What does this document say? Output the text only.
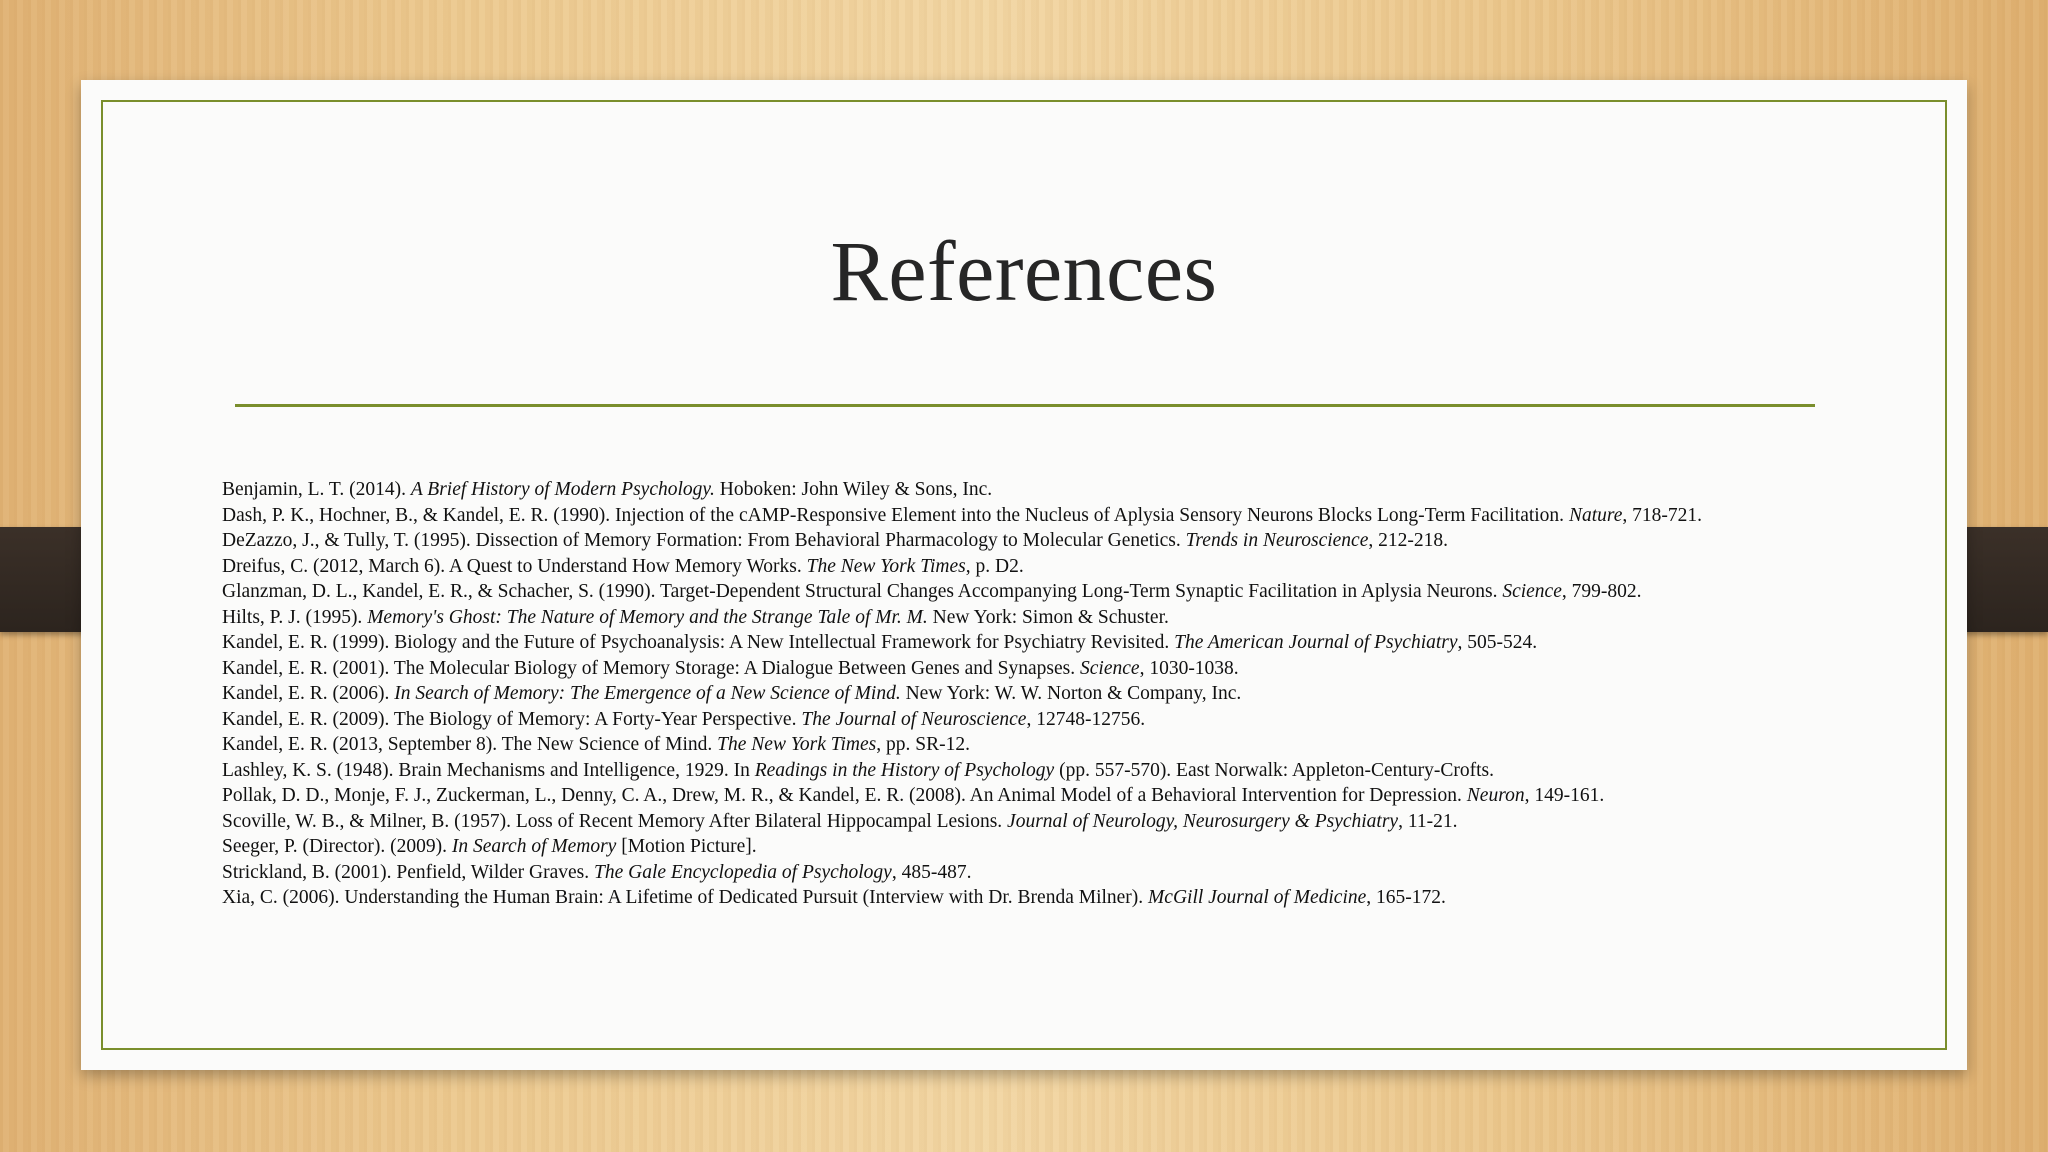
References
Benjamin, L. T. (2014). A Brief History of Modern Psychology. Hoboken: John Wiley & Sons, Inc.
Dash, P. K., Hochner, B., & Kandel, E. R. (1990). Injection of the cAMP-Responsive Element into the Nucleus of Aplysia Sensory Neurons Blocks Long-Term Facilitation. Nature, 718-721.
DeZazzo, J., & Tully, T. (1995). Dissection of Memory Formation: From Behavioral Pharmacology to Molecular Genetics. Trends in Neuroscience, 212-218.
Dreifus, C. (2012, March 6). A Quest to Understand How Memory Works. The New York Times, p. D2.
Glanzman, D. L., Kandel, E. R., & Schacher, S. (1990). Target-Dependent Structural Changes Accompanying Long-Term Synaptic Facilitation in Aplysia Neurons. Science, 799-802.
Hilts, P. J. (1995). Memory's Ghost: The Nature of Memory and the Strange Tale of Mr. M. New York: Simon & Schuster.
Kandel, E. R. (1999). Biology and the Future of Psychoanalysis: A New Intellectual Framework for Psychiatry Revisited. The American Journal of Psychiatry, 505-524.
Kandel, E. R. (2001). The Molecular Biology of Memory Storage: A Dialogue Between Genes and Synapses. Science, 1030-1038.
Kandel, E. R. (2006). In Search of Memory: The Emergence of a New Science of Mind. New York: W. W. Norton & Company, Inc.
Kandel, E. R. (2009). The Biology of Memory: A Forty-Year Perspective. The Journal of Neuroscience, 12748-12756.
Kandel, E. R. (2013, September 8). The New Science of Mind. The New York Times, pp. SR-12.
Lashley, K. S. (1948). Brain Mechanisms and Intelligence, 1929. In Readings in the History of Psychology (pp. 557-570). East Norwalk: Appleton-Century-Crofts.
Pollak, D. D., Monje, F. J., Zuckerman, L., Denny, C. A., Drew, M. R., & Kandel, E. R. (2008). An Animal Model of a Behavioral Intervention for Depression. Neuron, 149-161.
Scoville, W. B., & Milner, B. (1957). Loss of Recent Memory After Bilateral Hippocampal Lesions. Journal of Neurology, Neurosurgery & Psychiatry, 11-21.
Seeger, P. (Director). (2009). In Search of Memory [Motion Picture].
Strickland, B. (2001). Penfield, Wilder Graves. The Gale Encyclopedia of Psychology, 485-487.
Xia, C. (2006). Understanding the Human Brain: A Lifetime of Dedicated Pursuit (Interview with Dr. Brenda Milner). McGill Journal of Medicine, 165-172.
